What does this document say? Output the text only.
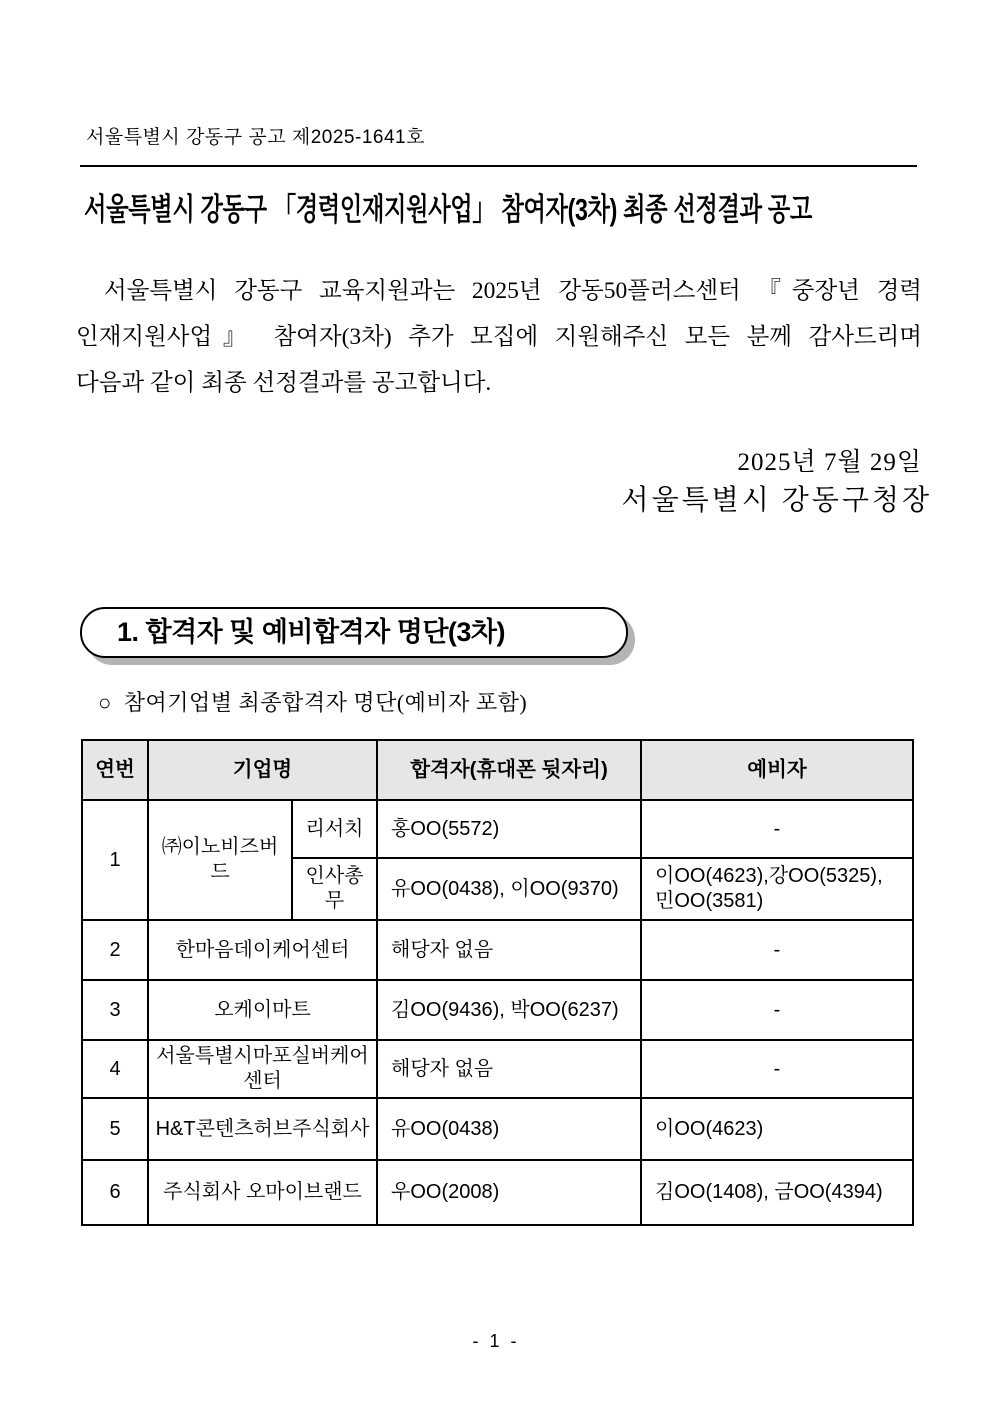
서울특별시 강동구 공고 제2025-1641호
서울특별시 강동구 「경력인재지원사업」 참여자(3차) 최종 선정결과 공고
서울특별시 강동구 교육지원과는 2025년 강동50플러스센터 『중장년 경력
인재지원사업』 참여자(3차) 추가 모집에 지원해주신 모든 분께 감사드리며
다음과 같이 최종 선정결과를 공고합니다.
2025년 7월 29일
서울특별시 강동구청장
1. 합격자 및 예비합격자 명단(3차)
○ 참여기업별 최종합격자 명단(예비자 포함)
연번	기업명		합격자(휴대폰 뒷자리)	예비자
1	㈜이노비즈버드	리서치	홍OO(5572)	-
		인사총무	유OO(0438), 이OO(9370)	이OO(4623),강OO(5325), 민OO(3581)
2	한마음데이케어센터		해당자 없음	-
3	오케이마트		김OO(9436), 박OO(6237)	-
4	서울특별시마포실버케어센터		해당자 없음	-
5	H&T콘텐츠허브주식회사		유OO(0438)	이OO(4623)
6	주식회사 오마이브랜드		우OO(2008)	김OO(1408), 금OO(4394)
- 1 -
